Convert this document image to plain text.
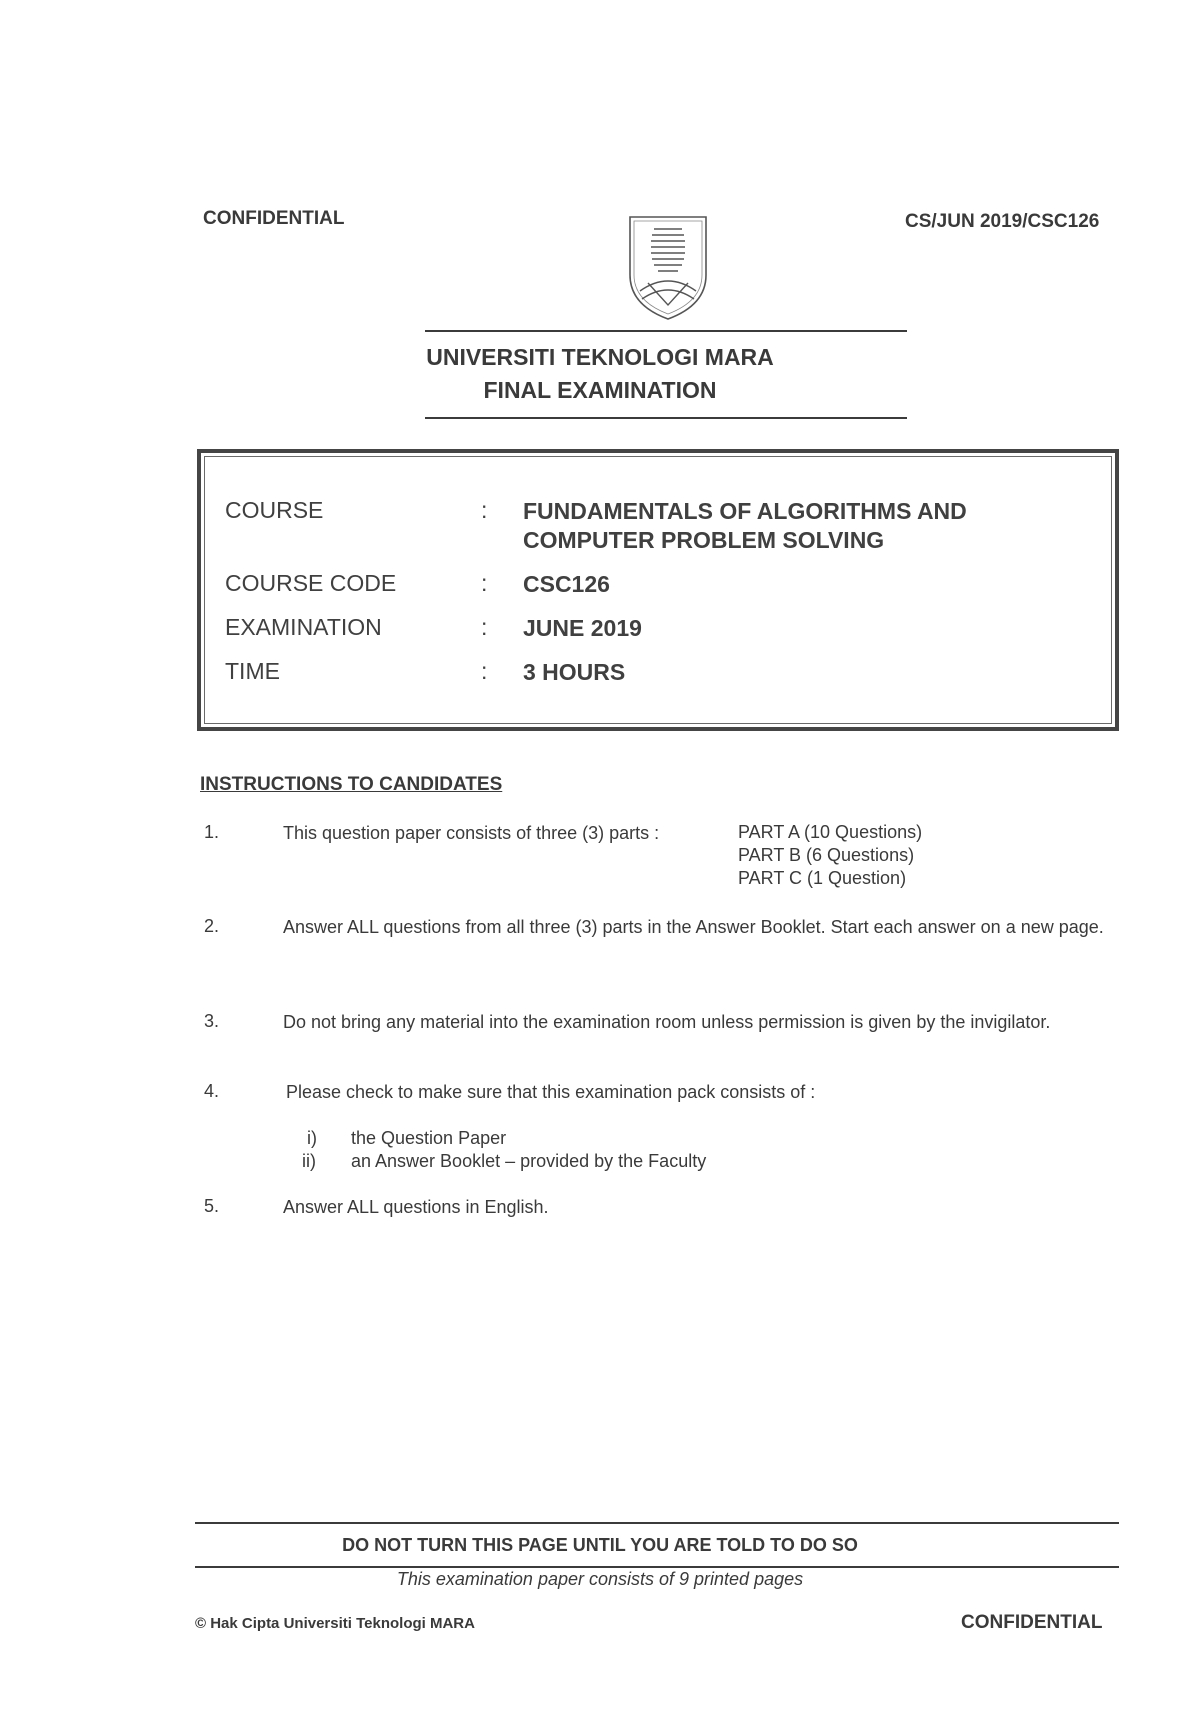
CONFIDENTIAL	CS/JUN 2019/CSC126
UNIVERSITI TEKNOLOGI MARA
FINAL EXAMINATION
COURSE	: FUNDAMENTALS OF ALGORITHMS AND
COMPUTER PROBLEM SOLVING
COURSE CODE	: CSC126
EXAMINATION	: JUNE 2019
TIME	: 3 HOURS
INSTRUCTIONS TO CANDIDATES
1.	This question paper consists of three (3) parts :	PART A (10 Questions)
PART B (6 Questions)
PART C (1 Question)
2.	Answer ALL questions from all three (3) parts in the Answer Booklet. Start each answer on a new page.
3.	Do not bring any material into the examination room unless permission is given by the invigilator.
4.	Please check to make sure that this examination pack consists of :
i) the Question Paper
ii) an Answer Booklet – provided by the Faculty
5.	Answer ALL questions in English.
DO NOT TURN THIS PAGE UNTIL YOU ARE TOLD TO DO SO
This examination paper consists of 9 printed pages
© Hak Cipta Universiti Teknologi MARA	CONFIDENTIAL
